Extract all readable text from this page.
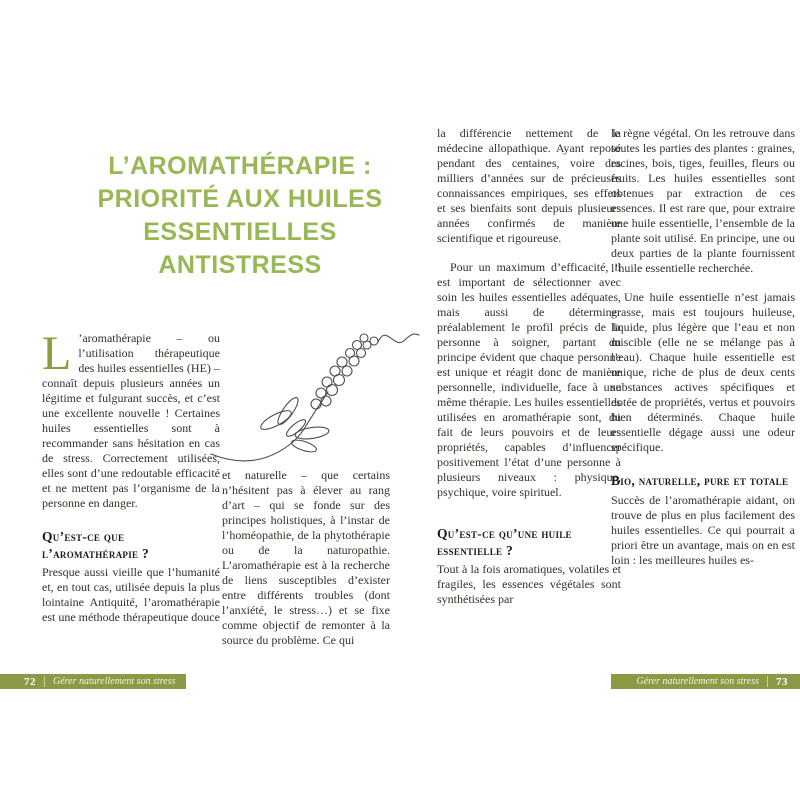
L’AROMATHÉRAPIE :
PRIORITÉ AUX HUILES
ESSENTIELLES
ANTISTRESS

L ’aromathérapie – ou l’utilisation thérapeutique des huiles essentielles (HE) – connaît depuis plusieurs années un légitime et fulgurant succès, et c’est une excellente nouvelle ! Certaines huiles essentielles sont à recommander sans hésitation en cas de stress. Correctement utilisées, elles sont d’une redoutable efficacité et ne mettent pas l’organisme de la personne en danger.

Qu’est-ce que l’aromathérapie ?

Presque aussi vieille que l’humanité et, en tout cas, utilisée depuis la plus lointaine Antiquité, l’aromathérapie est une méthode thérapeutique douce

et naturelle – que certains n’hésitent pas à élever au rang d’art – qui se fonde sur des principes holistiques, à l’instar de l’homéopathie, de la phytothérapie ou de la naturopathie. L’aromathérapie est à la recherche de liens susceptibles d’exister entre différents troubles (dont l’anxiété, le stress…) et se fixe comme objectif de remonter à la source du problème. Ce qui

72 Gérer naturellement son stress

la différencie nettement de la médecine allopathique. Ayant reposé pendant des centaines, voire des milliers d’années sur de précieuses connaissances empiriques, ses effets et ses bienfaits sont depuis plusieurs années confirmés de manière scientifique et rigoureuse.

Pour un maximum d’efficacité, il est important de sélectionner avec soin les huiles essentielles adéquates, mais aussi de déterminer préalablement le profil précis de la personne à soigner, partant du principe évident que chaque personne est unique et réagit donc de manière personnelle, individuelle, face à une même thérapie. Les huiles essentielles utilisées en aromathérapie sont, du fait de leurs pouvoirs et de leurs propriétés, capables d’influencer positivement l’état d’une personne à plusieurs niveaux : physique, psychique, voire spirituel.

Qu’est-ce qu’une huile essentielle ?

Tout à la fois aromatiques, volatiles et fragiles, les essences végétales sont synthétisées par

le règne végétal. On les retrouve dans toutes les parties des plantes : graines, racines, bois, tiges, feuilles, fleurs ou fruits. Les huiles essentielles sont obtenues par extraction de ces essences. Il est rare que, pour extraire une huile essentielle, l’ensemble de la plante soit utilisé. En principe, une ou deux parties de la plante fournissent l’huile essentielle recherchée.

Une huile essentielle n’est jamais grasse, mais est toujours huileuse, liquide, plus légère que l’eau et non miscible (elle ne se mélange pas à l’eau). Chaque huile essentielle est unique, riche de plus de deux cents substances actives spécifiques et dotée de propriétés, vertus et pouvoirs bien déterminés. Chaque huile essentielle dégage aussi une odeur spécifique.

Bio, naturelle, pure et totale

Succès de l’aromathérapie aidant, on trouve de plus en plus facilement des huiles essentielles. Ce qui pourrait a priori être un avantage, mais on en est loin : les meilleures huiles es-

Gérer naturellement son stress 73
